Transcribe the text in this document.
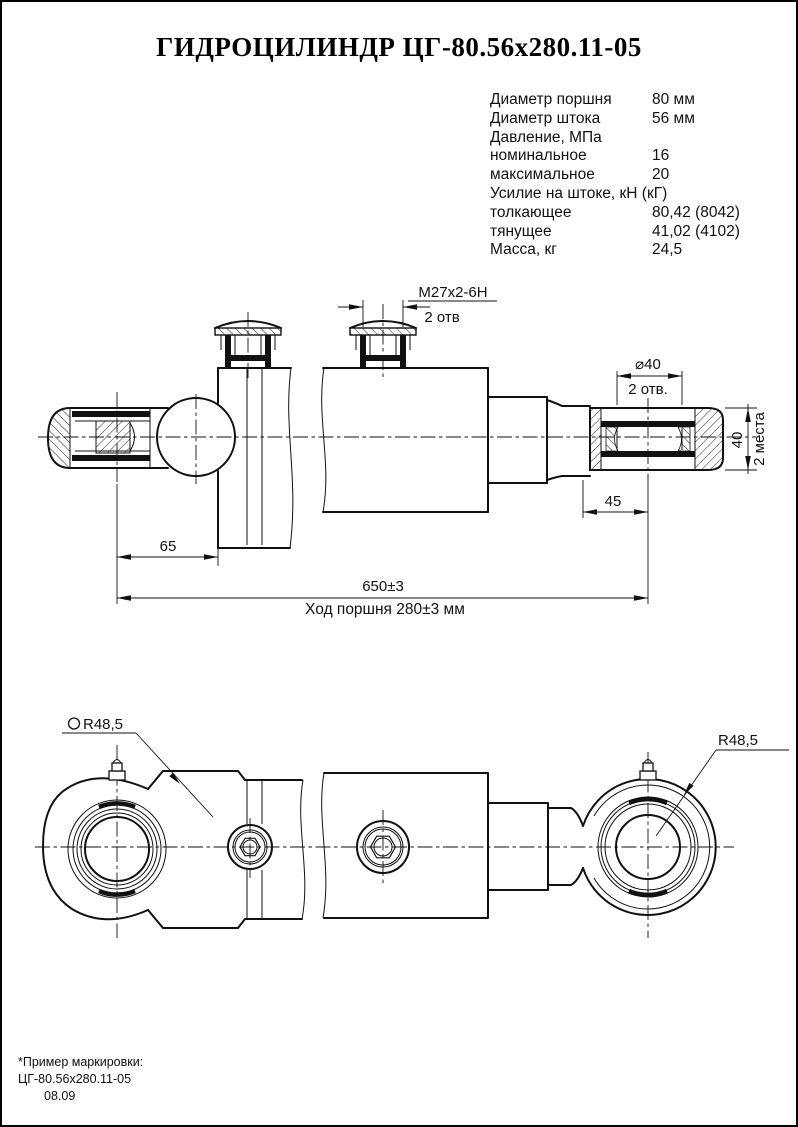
ГИДРОЦИЛИНДР ЦГ-80.56х280.11-05
Диаметр поршня	80 мм
Диаметр штока	56 мм
Давление, МПа
номинальное	16
максимальное	20
Усилие на штоке, кН (кГ)
толкающее	80,42 (8042)
тянущее	41,02 (4102)
Масса, кг	24,5
M27x2-6H
2 отв
⌀40
2 отв.
40 2 места
45
65
650±3
Ход поршня 280±3 мм
R48,5
R48,5
*Пример маркировки:
ЦГ-80.56х280.11-05
08.09
